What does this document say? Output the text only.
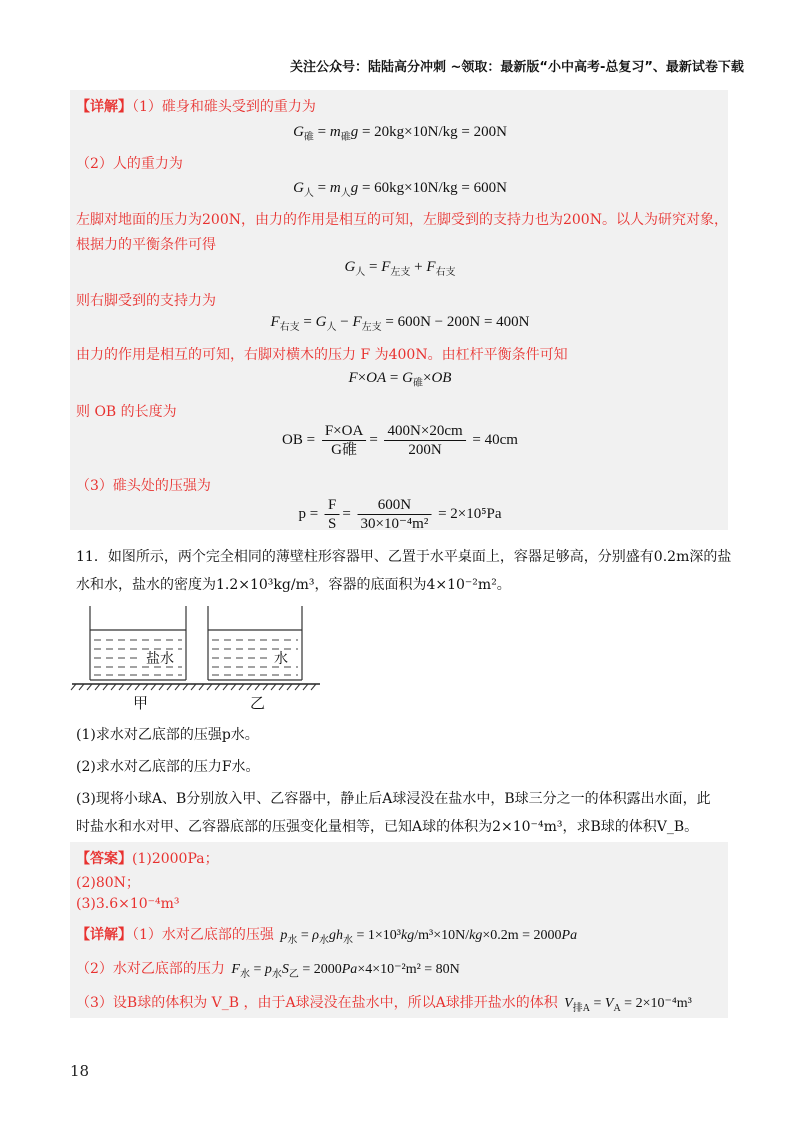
关注公众号：陆陆高分冲刺 ~领取：最新版“小中高考-总复习”、最新试卷下载
【详解】（1）碓身和碓头受到的重力为
$G_碓 = m_碓g = 20kg\times 10N/kg = 200N$
（2）人的重力为
$G_人 = m_人g = 60kg\times 10N/kg = 600N$
左脚对地面的压力为200N，由力的作用是相互的可知，左脚受到的支持力也为200N。以人为研究对象，
根据力的平衡条件可得
$G_人 = F_{左支} + F_{右支}$
则右脚受到的支持力为
$F_{右支} = G_人 - F_{左支} = 600N - 200N = 400N$
由力的作用是相互的可知，右脚对横木的压力 F 为400N。由杠杆平衡条件可知
$F\times OA = G_碓\times OB$
则 OB 的长度为
OB = $\frac{F\times OA}{\text{G碓}} = \frac{400N\times 20cm}{200N} = 40cm$
（3）碓头处的压强为
$p = \frac{F}{S} = \frac{600N}{\text{30×10⁻⁴m²}} = 2\times 10^5Pa$
11．如图所示，两个完全相同的薄壁柱形容器甲、乙置于水平桌面上，容器足够高，分别盛有0.2m深的盐
水和水，盐水的密度为1.2×10³kg/m³，容器的底面积为4×10⁻²m²。
盐水	水
甲	乙
(1)求水对乙底部的压强p水。
(2)求水对乙底部的压力F水。
(3)现将小球A、B分别放入甲、乙容器中，静止后A球浸没在盐水中，B球三分之一的体积露出水面，此
时盐水和水对甲、乙容器底部的压强变化量相等，已知A球的体积为2×10⁻⁴m³，求B球的体积V_B。
【答案】(1)2000Pa；
(2)80N；
(3)3.6×10⁻⁴m³
【详解】（1）水对乙底部的压强 $p_水 = \rho_水gh_水 = 1\times 10^3kg/m^3\times 10N/kg\times 0.2m = 2000Pa$
（2）水对乙底部的压力 $F_水 = p_水S_乙 = 2000Pa\times 4\times 10^{-2}m^2 = 80N$
（3）设B球的体积为 V_B ，由于A球浸没在盐水中，所以A球排开盐水的体积 $V_{排A} = V_A = 2\times 10^{-4}m^3$
18
